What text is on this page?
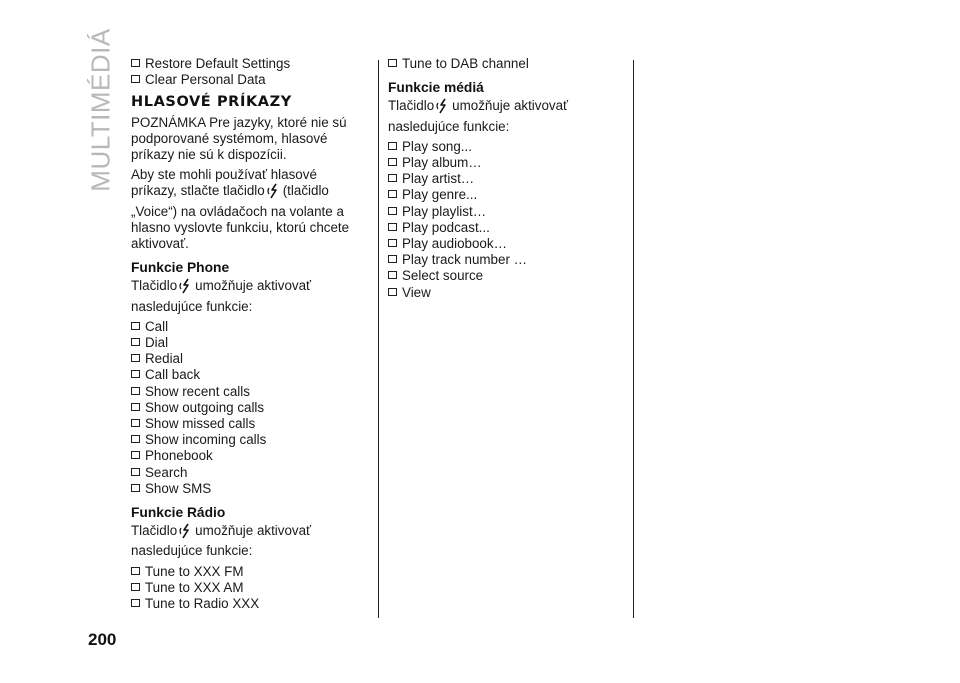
MULTIMÉDIÁ Restore Default Settings
Clear Personal Data
HLASOVÉ PRÍKAZY

POZNÁMKA Pre jazyky, ktoré nie sú podporované systémom, hlasové príkazy nie sú k dispozícii.

Aby ste mohli používať hlasové príkazy, stlačte tlačidlo (tlačidlo „Voice“) na ovládačoch na volante a hlasno vyslovte funkciu, ktorú chcete aktivovať.

Funkcie Phone

Tlačidlo umožňuje aktivovať nasledujúce funkcie:

Call
Dial
Redial
Call back
Show recent calls
Show outgoing calls
Show missed calls
Show incoming calls
Phonebook
Search
Show SMS
Funkcie Rádio

Tlačidlo umožňuje aktivovať nasledujúce funkcie:

Tune to XXX FM
Tune to XXX AM
Tune to Radio XXX
Tune to DAB channel
Funkcie médiá

Tlačidlo umožňuje aktivovať nasledujúce funkcie:

Play song...
Play album…
Play artist…
Play genre...
Play playlist…
Play podcast...
Play audiobook…
Play track number …
Select source
View
200
